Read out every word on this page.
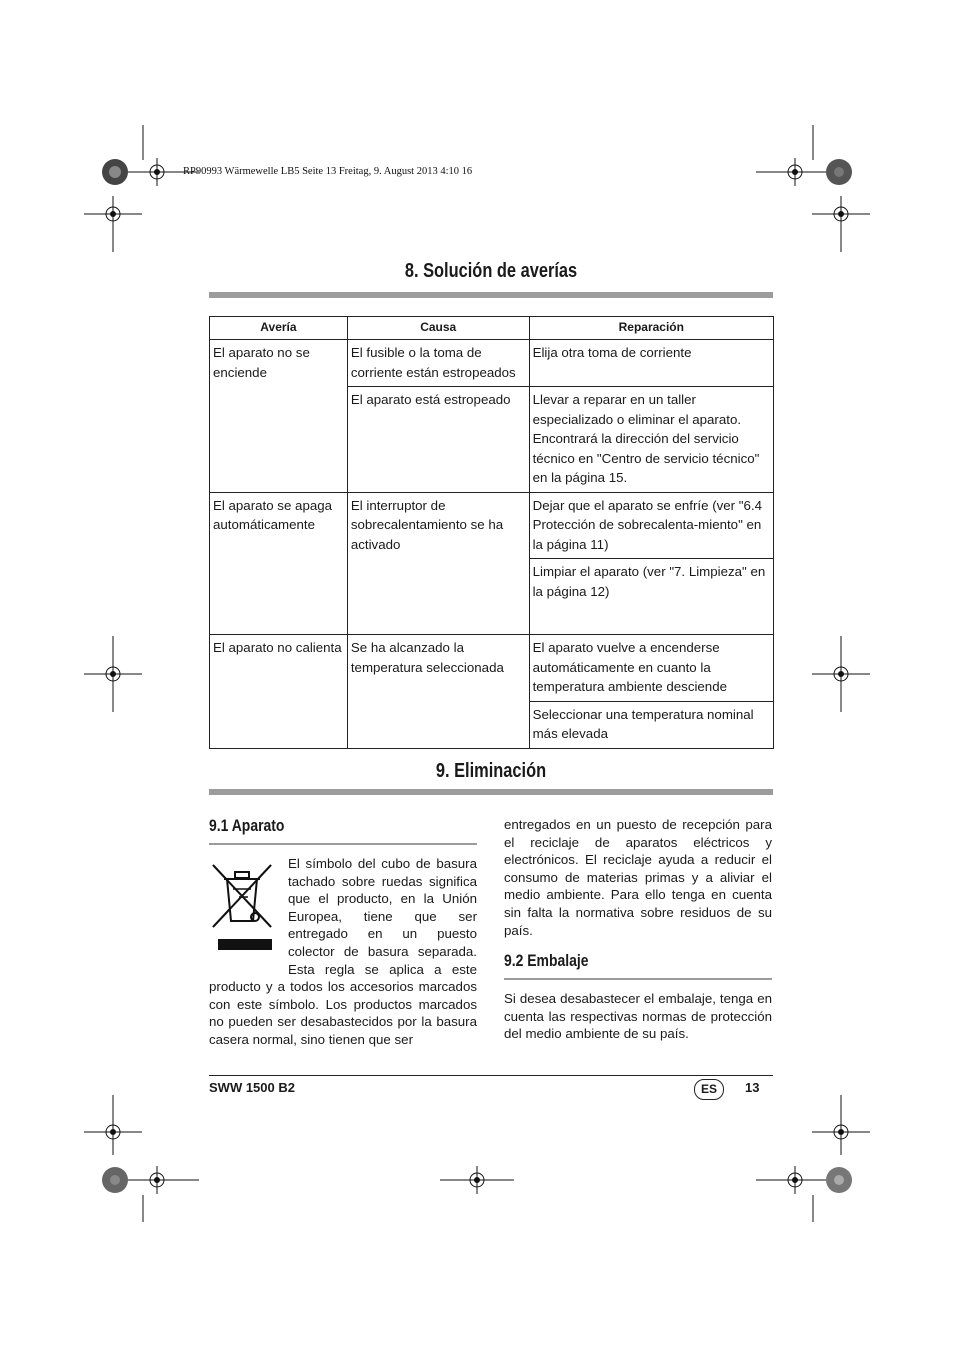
RP90993 Wärmewelle LB5 Seite 13 Freitag, 9. August 2013 4:10 16
8. Solución de averías
Avería	Causa	Reparación
El aparato no se enciende	El fusible o la toma de corriente están estropeados	Elija otra toma de corriente
	El aparato está estropeado	Llevar a reparar en un taller especializado o eliminar el aparato. Encontrará la dirección del servicio técnico en "Centro de servicio técnico" en la página 15.
El aparato se apaga automáticamente	El interruptor de sobrecalentamiento se ha activado	Dejar que el aparato se enfríe (ver "6.4 Protección de sobrecalenta-miento" en la página 11)
		Limpiar el aparato (ver "7. Limpieza" en la página 12)
El aparato no calienta	Se ha alcanzado la temperatura seleccionada	El aparato vuelve a encenderse automáticamente en cuanto la temperatura ambiente desciende
		Seleccionar una temperatura nominal más elevada
9. Eliminación
9.1 Aparato
El símbolo del cubo de basura tachado sobre ruedas significa que el producto, en la Unión Europea, tiene que ser entregado en un puesto colector de basura separada. Esta regla se aplica a este producto y a todos los accesorios marcados con este símbolo. Los productos marcados no pueden ser desabastecidos por la basura casera normal, sino tienen que ser
entregados en un puesto de recepción para el reciclaje de aparatos eléctricos y electrónicos. El reciclaje ayuda a reducir el consumo de materias primas y a aliviar el medio ambiente. Para ello tenga en cuenta sin falta la normativa sobre residuos de su país.
9.2 Embalaje
Si desea desabastecer el embalaje, tenga en cuenta las respectivas normas de protección del medio ambiente de su país.
SWW 1500 B2	ES	13
